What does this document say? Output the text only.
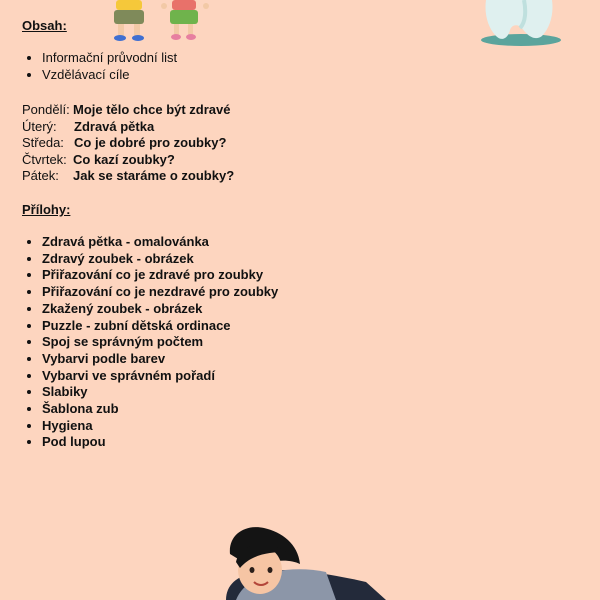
Obsah:
• Informační průvodní list
• Vzdělávací cíle
Pondělí: Moje tělo chce být zdravé
Úterý: Zdravá pětka
Středa: Co je dobré pro zoubky?
Čtvrtek: Co kazí zoubky?
Pátek: Jak se staráme o zoubky?
Přílohy:
• Zdravá pětka - omalovánka
• Zdravý zoubek - obrázek
• Přiřazování co je zdravé pro zoubky
• Přiřazování co je nezdravé pro zoubky
• Zkažený zoubek - obrázek
• Puzzle - zubní dětská ordinace
• Spoj se správným počtem
• Vybarvi podle barev
• Vybarvi ve správném pořadí
• Slabiky
• Šablona zub
• Hygiena
• Pod lupou
